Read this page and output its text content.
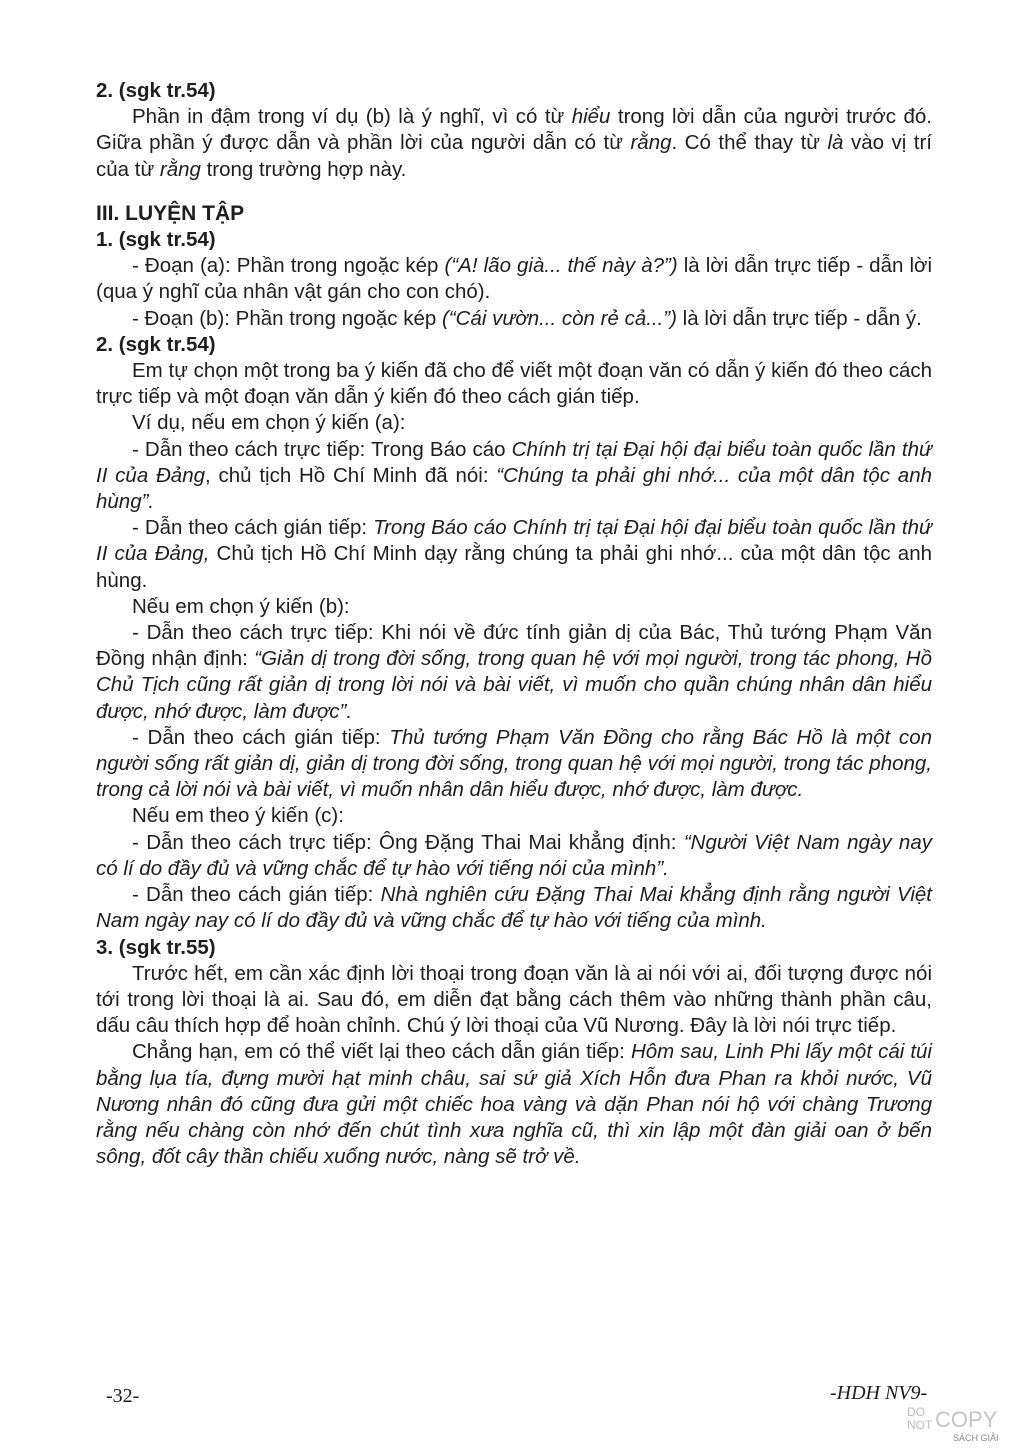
2. (sgk tr.54)

Phần in đậm trong ví dụ (b) là ý nghĩ, vì có từ hiểu trong lời dẫn của người trước đó. Giữa phần ý được dẫn và phần lời của người dẫn có từ rằng. Có thể thay từ là vào vị trí của từ rằng trong trường hợp này.

III. LUYỆN TẬP
1. (sgk tr.54)

- Đoạn (a): Phần trong ngoặc kép (“A! lão già... thế này à?”) là lời dẫn trực tiếp - dẫn lời (qua ý nghĩ của nhân vật gán cho con chó).

- Đoạn (b): Phần trong ngoặc kép (“Cái vườn... còn rẻ cả...”) là lời dẫn trực tiếp - dẫn ý.

2. (sgk tr.54)

Em tự chọn một trong ba ý kiến đã cho để viết một đoạn văn có dẫn ý kiến đó theo cách trực tiếp và một đoạn văn dẫn ý kiến đó theo cách gián tiếp.

Ví dụ, nếu em chọn ý kiến (a):

- Dẫn theo cách trực tiếp: Trong Báo cáo Chính trị tại Đại hội đại biểu toàn quốc lần thứ II của Đảng, chủ tịch Hồ Chí Minh đã nói: “Chúng ta phải ghi nhớ... của một dân tộc anh hùng”.

- Dẫn theo cách gián tiếp: Trong Báo cáo Chính trị tại Đại hội đại biểu toàn quốc lần thứ II của Đảng, Chủ tịch Hồ Chí Minh dạy rằng chúng ta phải ghi nhớ... của một dân tộc anh hùng.

Nếu em chọn ý kiến (b):

- Dẫn theo cách trực tiếp: Khi nói về đức tính giản dị của Bác, Thủ tướng Phạm Văn Đồng nhận định: “Giản dị trong đời sống, trong quan hệ với mọi người, trong tác phong, Hồ Chủ Tịch cũng rất giản dị trong lời nói và bài viết, vì muốn cho quần chúng nhân dân hiểu được, nhớ được, làm được”.

- Dẫn theo cách gián tiếp: Thủ tướng Phạm Văn Đồng cho rằng Bác Hồ là một con người sống rất giản dị, giản dị trong đời sống, trong quan hệ với mọi người, trong tác phong, trong cả lời nói và bài viết, vì muốn nhân dân hiểu được, nhớ được, làm được.

Nếu em theo ý kiến (c):

- Dẫn theo cách trực tiếp: Ông Đặng Thai Mai khẳng định: “Người Việt Nam ngày nay có lí do đầy đủ và vững chắc để tự hào với tiếng nói của mình”.

- Dẫn theo cách gián tiếp: Nhà nghiên cứu Đặng Thai Mai khẳng định rằng người Việt Nam ngày nay có lí do đầy đủ và vững chắc để tự hào với tiếng của mình.

3. (sgk tr.55)

Trước hết, em cần xác định lời thoại trong đoạn văn là ai nói với ai, đối tượng được nói tới trong lời thoại là ai. Sau đó, em diễn đạt bằng cách thêm vào những thành phần câu, dấu câu thích hợp để hoàn chỉnh. Chú ý lời thoại của Vũ Nương. Đây là lời nói trực tiếp.

Chẳng hạn, em có thể viết lại theo cách dẫn gián tiếp: Hôm sau, Linh Phi lấy một cái túi bằng lụa tía, đựng mười hạt minh châu, sai sứ giả Xích Hỗn đưa Phan ra khỏi nước, Vũ Nương nhân đó cũng đưa gửi một chiếc hoa vàng và dặn Phan nói hộ với chàng Trương rằng nếu chàng còn nhớ đến chút tình xưa nghĩa cũ, thì xin lập một đàn giải oan ở bến sông, đốt cây thần chiếu xuống nước, nàng sẽ trở về.

-32-	-HDH NV9-
DO
NOT COPY
SÁCH GIẢI
